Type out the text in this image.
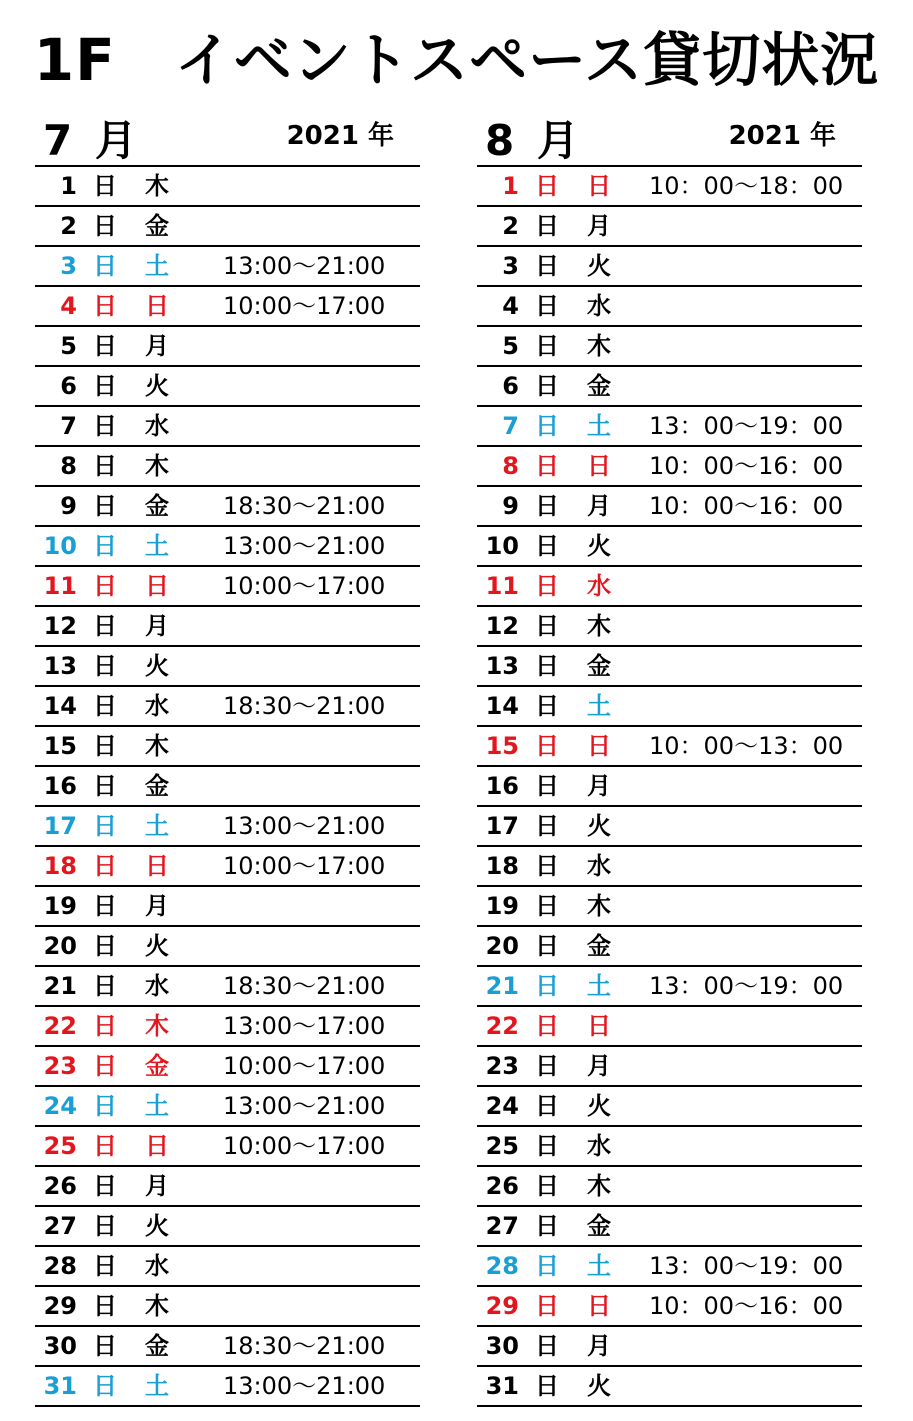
1F　イベントスペース貸切状況
7 月	2021 年
1 日 木
2 日 金
3 日 土 13:00～21:00
4 日 日 10:00～17:00
5 日 月
6 日 火
7 日 水
8 日 木
9 日 金 18:30～21:00
10 日 土 13:00～21:00
11 日 日 10:00～17:00
12 日 月
13 日 火
14 日 水 18:30～21:00
15 日 木
16 日 金
17 日 土 13:00～21:00
18 日 日 10:00～17:00
19 日 月
20 日 火
21 日 水 18:30～21:00
22 日 木 13:00～17:00
23 日 金 10:00～17:00
24 日 土 13:00～21:00
25 日 日 10:00～17:00
26 日 月
27 日 火
28 日 水
29 日 木
30 日 金 18:30～21:00
31 日 土 13:00～21:00
8 月	2021 年
1 日 日 10：00～18：00
2 日 月
3 日 火
4 日 水
5 日 木
6 日 金
7 日 土 13：00～19：00
8 日 日 10：00～16：00
9 日 月 10：00～16：00
10 日 火
11 日 水
12 日 木
13 日 金
14 日 土
15 日 日 10：00～13：00
16 日 月
17 日 火
18 日 水
19 日 木
20 日 金
21 日 土 13：00～19：00
22 日 日
23 日 月
24 日 火
25 日 水
26 日 木
27 日 金
28 日 土 13：00～19：00
29 日 日 10：00～16：00
30 日 月
31 日 火
